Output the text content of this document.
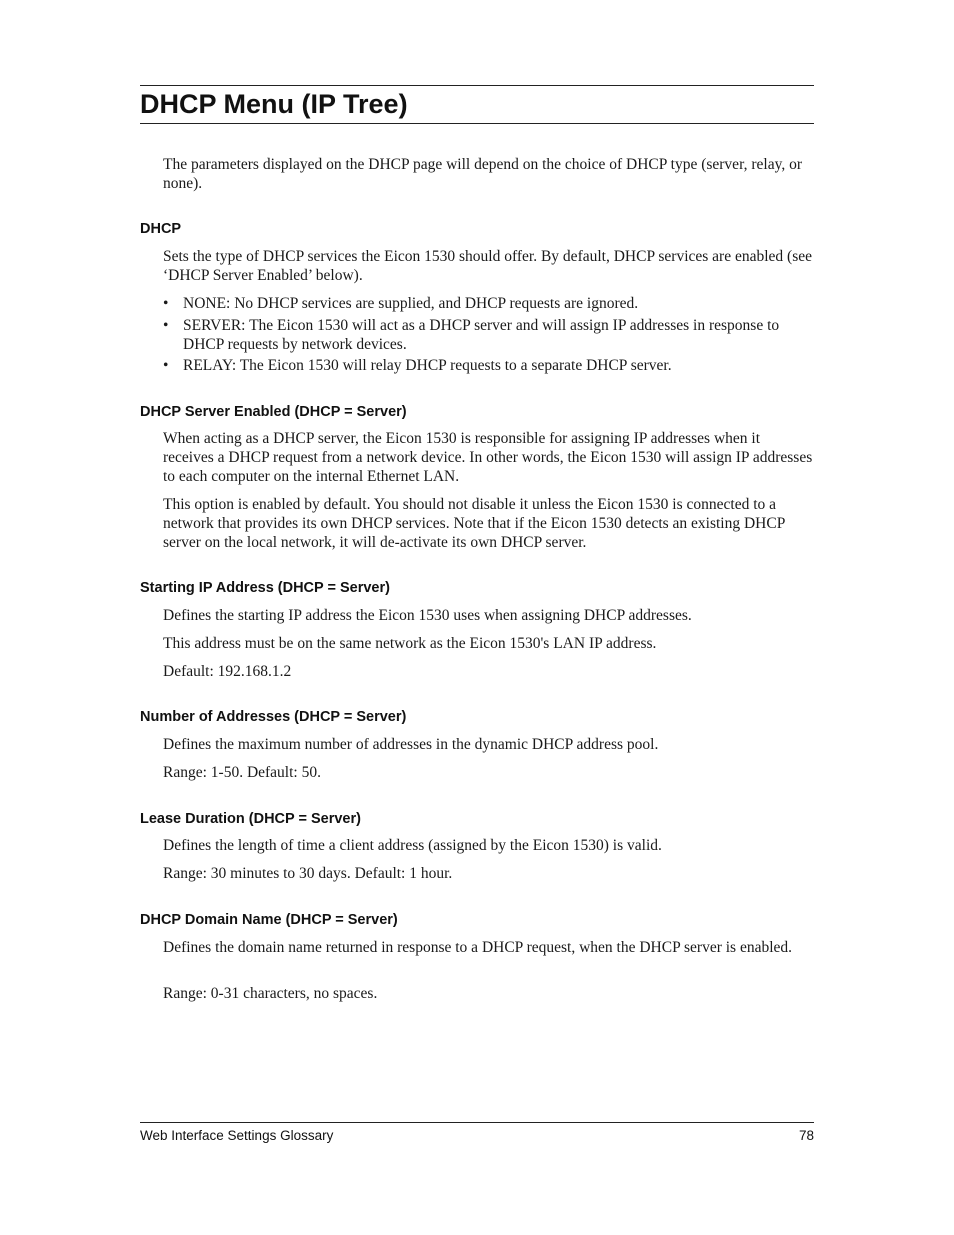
DHCP Menu (IP Tree)

The parameters displayed on the DHCP page will depend on the choice of DHCP type (server, relay, or none).

DHCP

Sets the type of DHCP services the Eicon 1530 should offer. By default, DHCP services are enabled (see ‘DHCP Server Enabled’ below).

• NONE: No DHCP services are supplied, and DHCP requests are ignored.
• SERVER: The Eicon 1530 will act as a DHCP server and will assign IP addresses in response to DHCP requests by network devices.
• RELAY: The Eicon 1530 will relay DHCP requests to a separate DHCP server.
DHCP Server Enabled (DHCP = Server)

When acting as a DHCP server, the Eicon 1530 is responsible for assigning IP addresses when it receives a DHCP request from a network device. In other words, the Eicon 1530 will assign IP addresses to each computer on the internal Ethernet LAN.

This option is enabled by default. You should not disable it unless the Eicon 1530 is connected to a network that provides its own DHCP services. Note that if the Eicon 1530 detects an existing DHCP server on the local network, it will de-activate its own DHCP server.

Starting IP Address (DHCP = Server)

Defines the starting IP address the Eicon 1530 uses when assigning DHCP addresses.

This address must be on the same network as the Eicon 1530's LAN IP address.

Default: 192.168.1.2

Number of Addresses (DHCP = Server)

Defines the maximum number of addresses in the dynamic DHCP address pool.

Range: 1-50. Default: 50.

Lease Duration (DHCP = Server)

Defines the length of time a client address (assigned by the Eicon 1530) is valid.

Range: 30 minutes to 30 days. Default: 1 hour.

DHCP Domain Name (DHCP = Server)

Defines the domain name returned in response to a DHCP request, when the DHCP server is enabled.

Range: 0-31 characters, no spaces.

Web Interface Settings Glossary	78
